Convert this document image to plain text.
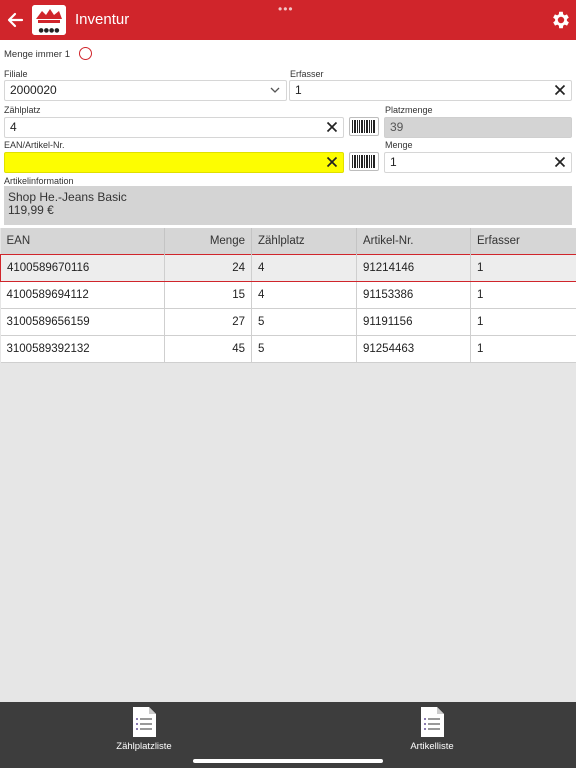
●●●●
Inventur
•••
Menge immer 1
Filiale
2000020
Erfasser
1
Zählplatz
4
Platzmenge
39
EAN/Artikel-Nr.	Menge
1
Artikelinformation
Shop He.-Jeans Basic
119,99 €
EAN	Menge	Zählplatz	Artikel-Nr.	Erfasser
4100589670116	24	4	91214146	1
4100589694112	15	4	91153386	1
3100589656159	27	5	91191156	1
3100589392132	45	5	91254463	1
Zählplatzliste	Artikelliste
